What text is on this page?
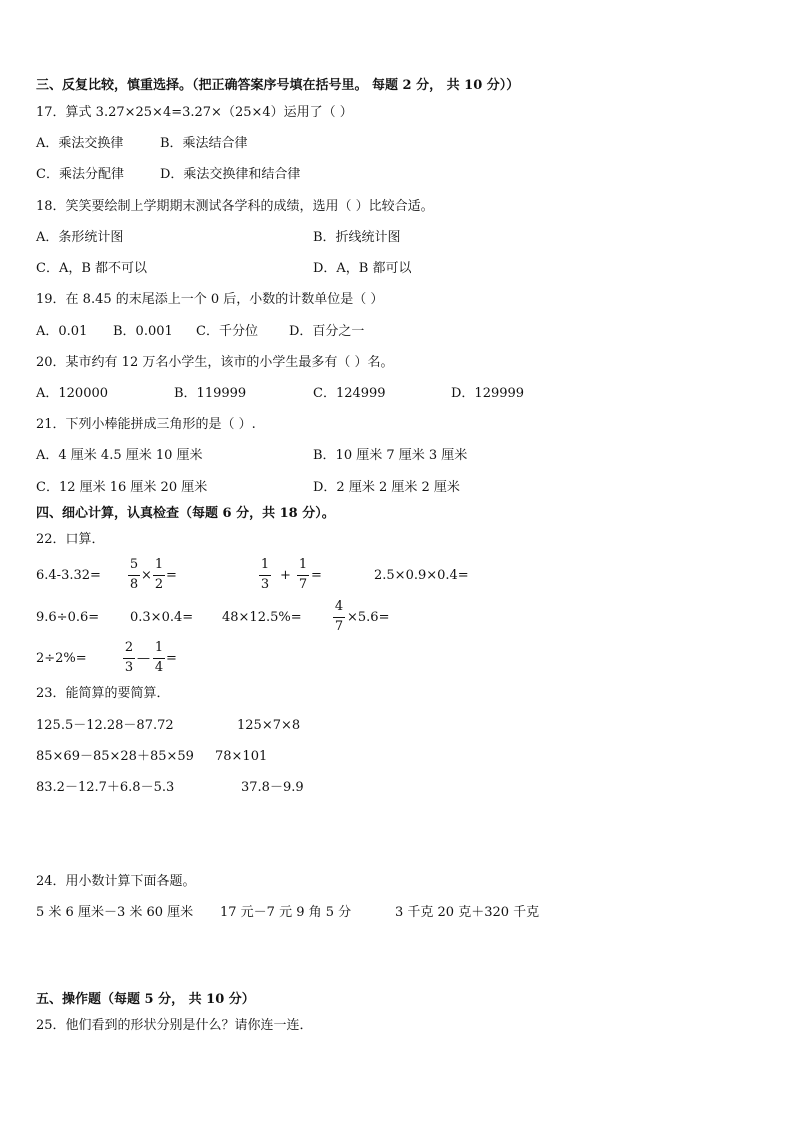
三、反复比较，慎重选择。（把正确答案序号填在括号里。 每题 2 分， 共 10 分））
17．算式 3.27×25×4=3.27×（25×4）运用了（ ）
A．乘法交换律	B．乘法结合律
C．乘法分配律	D．乘法交换律和结合律
18．笑笑要绘制上学期期末测试各学科的成绩，选用（ ）比较合适。
A．条形统计图	B．折线统计图
C．A，B 都不可以	D．A，B 都可以
19．在 8.45 的末尾添上一个 0 后，小数的计数单位是（ ）
A．0.01 B．0.001 C．千分位 D．百分之一
20．某市约有 12 万名小学生，该市的小学生最多有（ ）名。
A．120000	B．119999	C．124999	D．129999
21．下列小棒能拼成三角形的是（ ）.
A．4 厘米 4.5 厘米 10 厘米	B．10 厘米 7 厘米 3 厘米
C．12 厘米 16 厘米 20 厘米	D．2 厘米 2 厘米 2 厘米
四、细心计算，认真检查（每题 6 分，共 18 分）。
22．口算．
6.4-3.32=
5
8
×
1
2
=
1
3
+
1
7
=	2.5×0.9×0.4=
9.6÷0.6= 0.3×0.4= 48×12.5%=
4
7
×5.6=
2÷2%=
2
3
—
1
4
=
23．能简算的要简算．
125.5－12.28－87.72	125×7×8
85×69－85×28＋85×59 78×101
83.2－12.7＋6.8－5.3	37.8－9.9
24．用小数计算下面各题。
5 米 6 厘米－3 米 60 厘米 17 元－7 元 9 角 5 分	3 千克 20 克＋320 千克
五、操作题（每题 5 分， 共 10 分）
25．他们看到的形状分别是什么？请你连一连．
